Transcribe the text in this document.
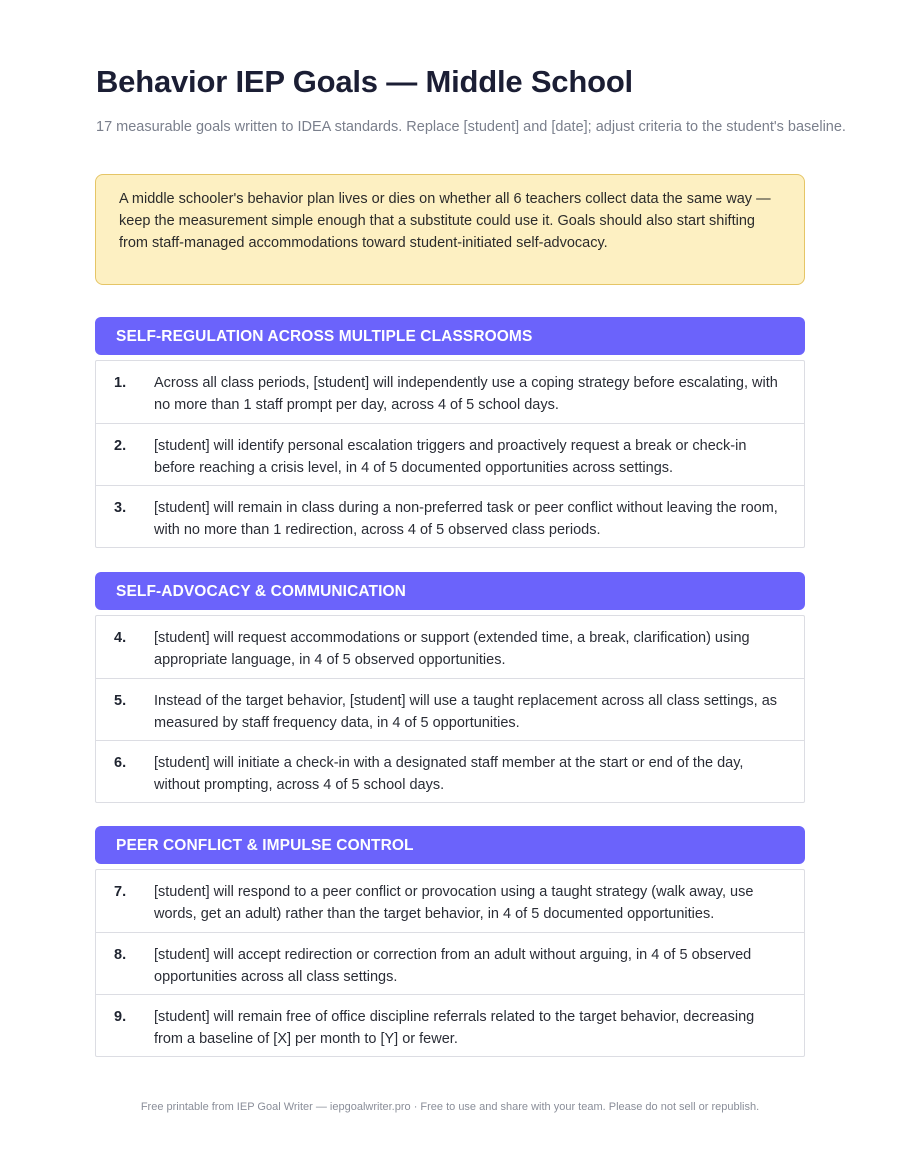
Behavior IEP Goals — Middle School

17 measurable goals written to IDEA standards. Replace [student] and [date]; adjust criteria to the student's baseline.

A middle schooler's behavior plan lives or dies on whether all 6 teachers collect data the same way — keep the measurement simple enough that a substitute could use it. Goals should also start shifting from staff-managed accommodations toward student-initiated self-advocacy.
SELF-REGULATION ACROSS MULTIPLE CLASSROOMS
1.	Across all class periods, [student] will independently use a coping strategy before escalating, with no more than 1 staff prompt per day, across 4 of 5 school days.
2.	[student] will identify personal escalation triggers and proactively request a break or check-in before reaching a crisis level, in 4 of 5 documented opportunities across settings.
3.	[student] will remain in class during a non-preferred task or peer conflict without leaving the room, with no more than 1 redirection, across 4 of 5 observed class periods.
SELF-ADVOCACY & COMMUNICATION
4.	[student] will request accommodations or support (extended time, a break, clarification) using appropriate language, in 4 of 5 observed opportunities.
5.	Instead of the target behavior, [student] will use a taught replacement across all class settings, as measured by staff frequency data, in 4 of 5 opportunities.
6.	[student] will initiate a check-in with a designated staff member at the start or end of the day, without prompting, across 4 of 5 school days.
PEER CONFLICT & IMPULSE CONTROL
7.	[student] will respond to a peer conflict or provocation using a taught strategy (walk away, use words, get an adult) rather than the target behavior, in 4 of 5 documented opportunities.
8.	[student] will accept redirection or correction from an adult without arguing, in 4 of 5 observed opportunities across all class settings.
9.	[student] will remain free of office discipline referrals related to the target behavior, decreasing from a baseline of [X] per month to [Y] or fewer.
Free printable from IEP Goal Writer — iepgoalwriter.pro · Free to use and share with your team. Please do not sell or republish.
